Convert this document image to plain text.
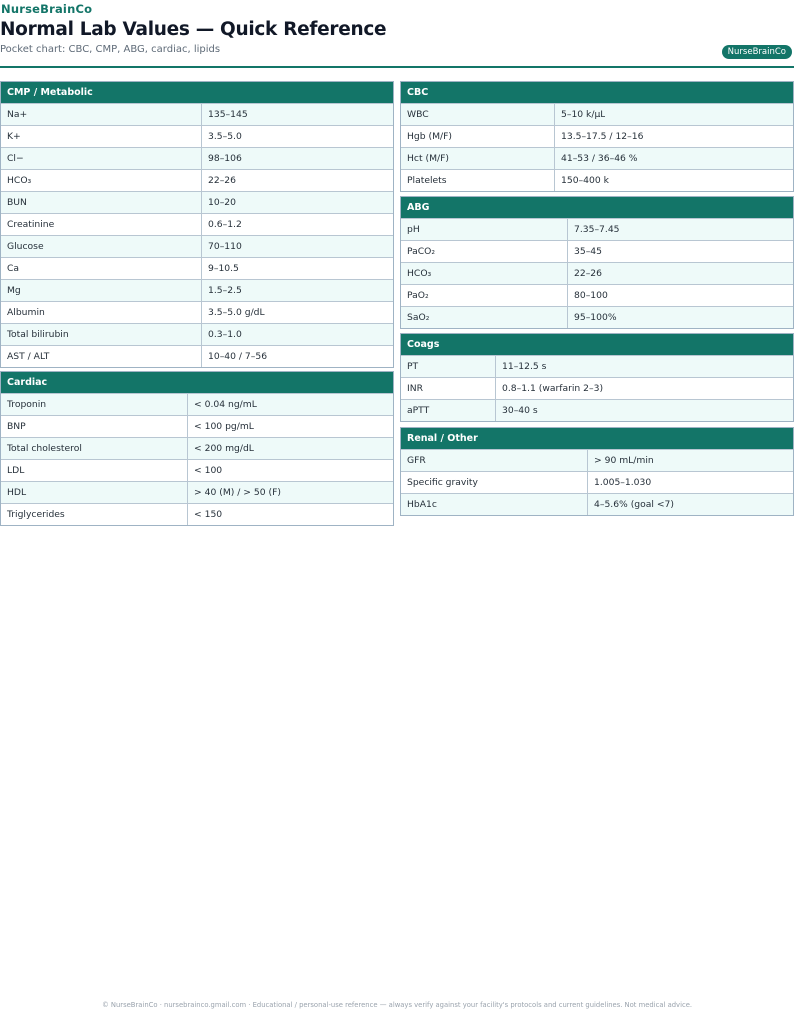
NurseBrainCo
Normal Lab Values — Quick Reference
Pocket chart: CBC, CMP, ABG, cardiac, lipids	NurseBrainCo
CMP / Metabolic
Na+	135–145
K+	3.5–5.0
Cl−	98–106
HCO₃	22–26
BUN	10–20
Creatinine	0.6–1.2
Glucose	70–110
Ca	9–10.5
Mg	1.5–2.5
Albumin	3.5–5.0 g/dL
Total bilirubin	0.3–1.0
AST / ALT	10–40 / 7–56
Cardiac
Troponin	< 0.04 ng/mL
BNP	< 100 pg/mL
Total cholesterol	< 200 mg/dL
LDL	< 100
HDL	> 40 (M) / > 50 (F)
Triglycerides	< 150
CBC
WBC	5–10 k/µL
Hgb (M/F)	13.5–17.5 / 12–16
Hct (M/F)	41–53 / 36–46 %
Platelets	150–400 k
ABG
pH	7.35–7.45
PaCO₂	35–45
HCO₃	22–26
PaO₂	80–100
SaO₂	95–100%
Coags
PT	11–12.5 s
INR	0.8–1.1 (warfarin 2–3)
aPTT	30–40 s
Renal / Other
GFR	> 90 mL/min
Specific gravity	1.005–1.030
HbA1c	4–5.6% (goal <7)
© NurseBrainCo · nursebrainco.gmail.com · Educational / personal-use reference — always verify against your facility's protocols and current guidelines. Not medical advice.
